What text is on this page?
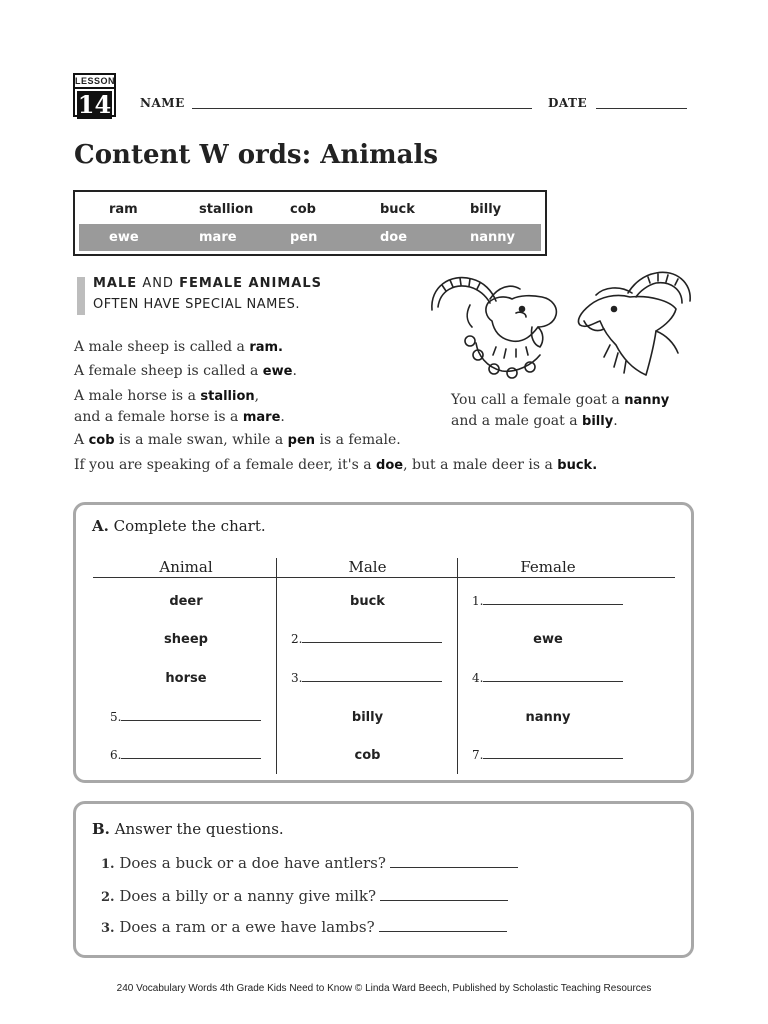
LESSON
14 NAME	DATE
Content W ords: Animals
ram	stallion	cob	buck	billy
ewe	mare	pen	doe	nanny
MALE AND FEMALE ANIMALS
OFTEN HAVE SPECIAL NAMES.
A male sheep is called a ram.
A female sheep is called a ewe.
A male horse is a stallion,
and a female horse is a mare.
A cob is a male swan, while a pen is a female.
If you are speaking of a female deer, it's a doe, but a male deer is a buck.
You call a female goat a nanny
and a male goat a billy.
A. Complete the chart.
Animal	Male	Female
deer	buck	1.
sheep	2.	ewe
horse	3.	4.
5.	billy	nanny
6.	cob	7.
B. Answer the questions.
1. Does a buck or a doe have antlers?
2. Does a billy or a nanny give milk?
3. Does a ram or a ewe have lambs?
240 Vocabulary Words 4th Grade Kids Need to Know © Linda Ward Beech, Published by Scholastic Teaching Resources
